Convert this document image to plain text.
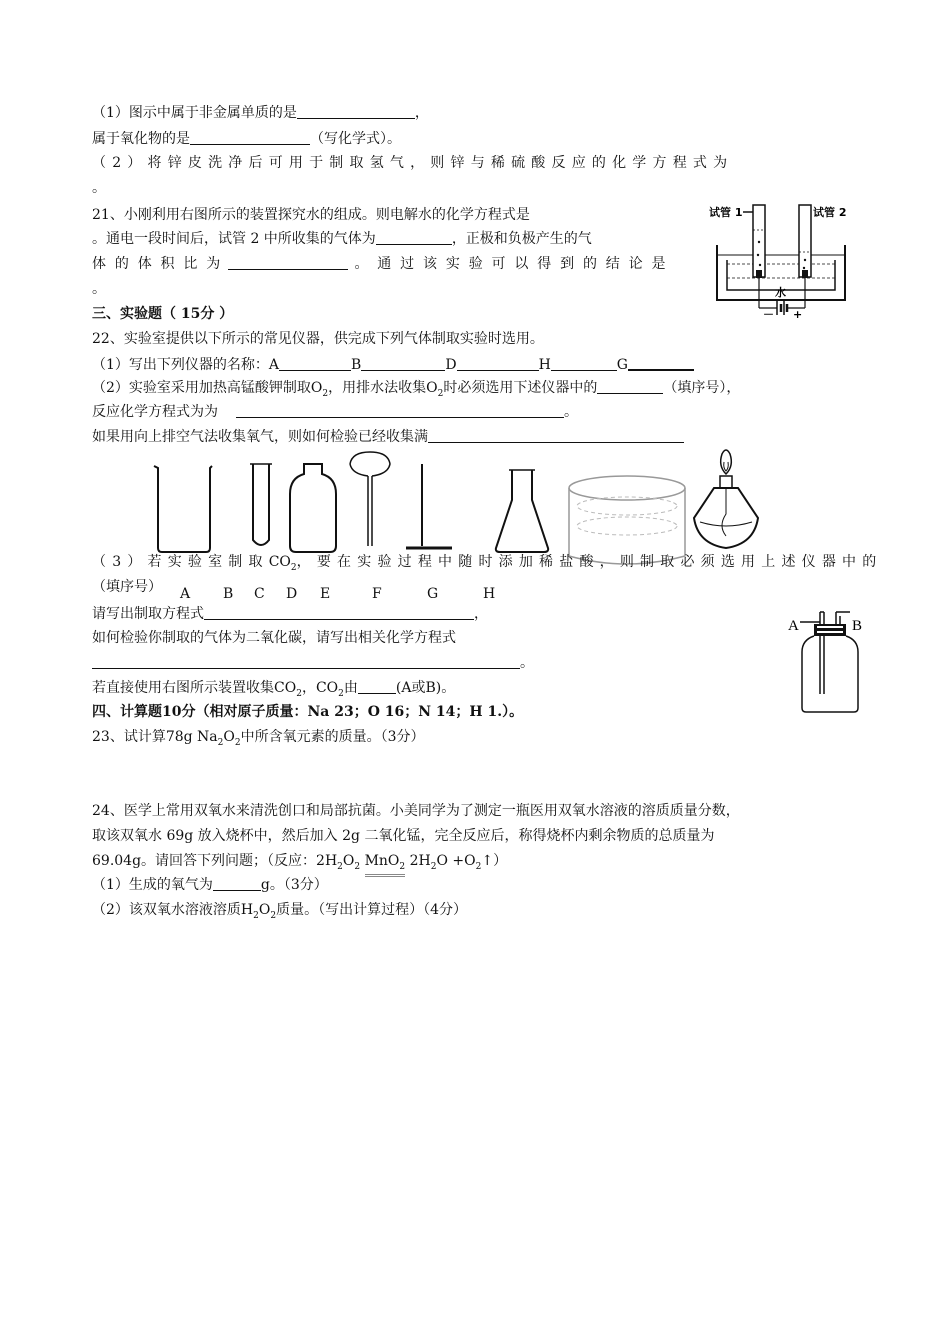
（1）图示中属于非金属单质的是	，
属于氧化物的是	（写化学式）。
（2）将锌皮洗净后可用于制取氢气，则锌与稀硫酸反应的化学方程式为
。
21、小刚利用右图所示的装置探究水的组成。则电解水的化学方程式是
。通电一段时间后，试管 2 中所收集的气体为	，正极和负极产生的气
体 的 体 积 比 为	。 通 过 该 实 验 可 以 得 到 的 结 论 是
。
试管 1	试管 2
水
－ +
三、实验题（ 15分 ）
22、实验室提供以下所示的常见仪器，供完成下列气体制取实验时选用。
（1）写出下列仪器的名称：A	B	D	H	G
（2）实验室采用加热高锰酸钾制取$O_2$，用排水法收集$O_2$时必须选用下述仪器中的	（填序号），
反应化学方程式为为	。
如果用向上排空气法收集氧气，则如何检验已经收集满
（3）若实验室制取$CO_2$，要在实验过程中随时添加稀盐酸，则制取必须选用上述仪器中的
（填序号） A B C D E	F	G	H
请写出制取方程式	，
如何检验你制取的气体为二氧化碳，请写出相关化学方程式
。
若直接使用右图所示装置收集$CO_2$，$CO_2$由	(A或B)。
A	B
四、计算题10分（相对原子质量：Na 23；O 16；N 14；H 1.）。
23、试计算78g $Na_2O_2$中所含氧元素的质量。（3分）
24、医学上常用双氧水来清洗创口和局部抗菌。小美同学为了测定一瓶医用双氧水溶液的溶质质量分数，
取该双氧水 69g 放入烧杯中，然后加入 2g 二氧化锰，完全反应后，称得烧杯内剩余物质的总质量为
69.04g。请回答下列问题；（反应：$2H_2O_2$ MnO$_2$ $2H_2O$ $+O_2↑$）
（1）生成的氧气为	g。（3分）
（2）该双氧水溶液溶质$H_2O_2$质量。（写出计算过程）（4分）
